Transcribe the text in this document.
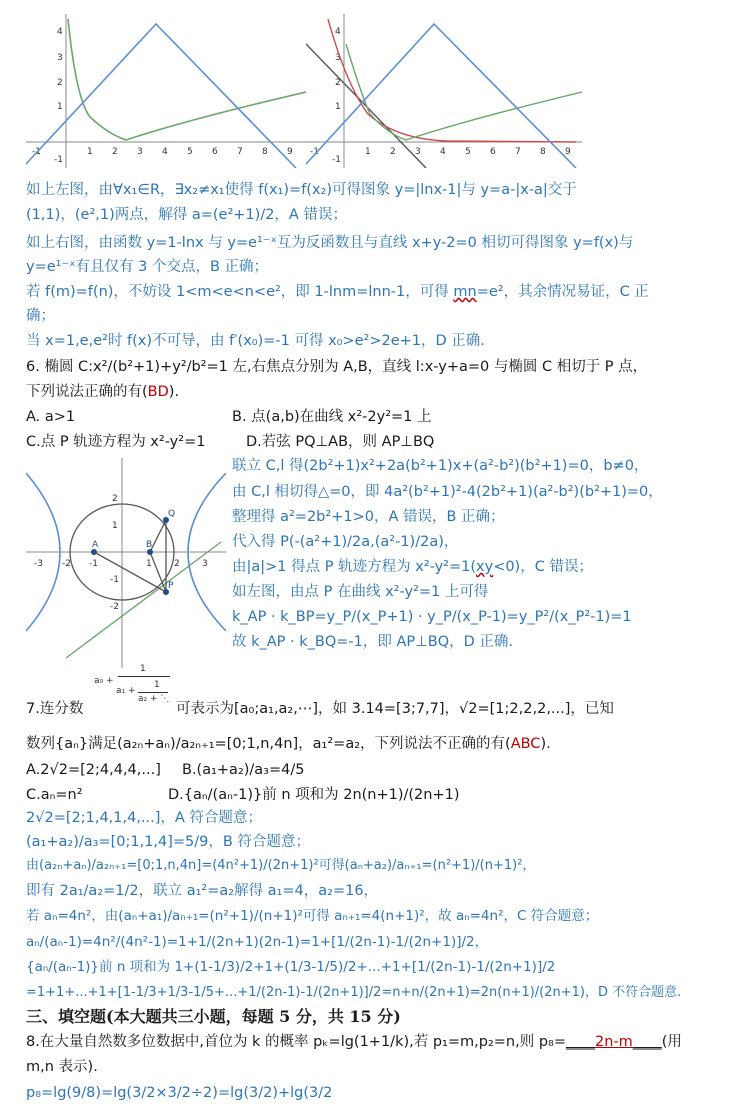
-1	1 2 3 4 5 6 7 8 9
4
3
2
1
-1
-1	1 2 3 4 5 6 7 8 9
4
3
2
1
-1
如上左图，由∀x₁∈R，∃x₂≠x₁使得 f(x₁)=f(x₂)可得图象 y=|lnx-1|与 y=a-|x-a|交于
(1,1)，(e²,1)两点，解得 a=(e²+1)/2，A 错误；
如上右图，由函数 y=1-lnx 与 y=e¹⁻ˣ互为反函数且与直线 x+y-2=0 相切可得图象 y=f(x)与
y=e¹⁻ˣ有且仅有 3 个交点，B 正确；
若 f(m)=f(n)，不妨设 1<m<e<n<e²，即 1-lnm=lnn-1，可得 mn=e²，其余情况易证，C 正
确；
当 x=1,e,e²时 f(x)不可导，由 f′(x₀)=-1 可得 x₀>e²>2e+1，D 正确.
6. 椭圆 C:x²/(b²+1)+y²/b²=1 左,右焦点分别为 A,B，直线 l:x-y+a=0 与椭圆 C 相切于 P 点，
下列说法正确的有(BD).
A. a>1	B. 点(a,b)在曲线 x²-2y²=1 上
C.点 P 轨迹方程为 x²-y²=1	D.若弦 PQ⊥AB，则 AP⊥BQ
-3 -2 -1	1 2 3
2
1
-1
-2
A	B
Q
P
联立 C,l 得(2b²+1)x²+2a(b²+1)x+(a²-b²)(b²+1)=0，b≠0，
由 C,l 相切得△=0，即 4a²(b²+1)²-4(2b²+1)(a²-b²)(b²+1)=0，
整理得 a²=2b²+1>0，A 错误，B 正确；
代入得 P(-(a²+1)/2a,(a²-1)/2a)，
由|a|>1 得点 P 轨迹方程为 x²-y²=1(xy<0)，C 错误；
如左图，由点 P 在曲线 x²-y²=1 上可得
k_AP · k_BP=y_P/(x_P+1) · y_P/(x_P-1)=y_P²/(x_P²-1)=1
故 k_AP · k_BQ=-1，即 AP⊥BQ，D 正确.
a₀ +
1
a₁ +
1
a₂ + ⋱
7.连分数	可表示为[a₀;a₁,a₂,⋯]，如 3.14=[3;7,7]，√2=[1;2,2,2,...]，已知
数列{aₙ}满足(a₂ₙ+aₙ)/a₂ₙ₊₁=[0;1,n,4n]，a₁²=a₂，下列说法不正确的有(ABC).
A.2√2=[2;4,4,4,...] B.(a₁+a₂)/a₃=4/5
C.aₙ=n²	D.{aₙ/(aₙ-1)}前 n 项和为 2n(n+1)/(2n+1)
2√2=[2;1,4,1,4,...]，A 符合题意；
(a₁+a₂)/a₃=[0;1,1,4]=5/9，B 符合题意；
由(a₂ₙ+aₙ)/a₂ₙ₊₁=[0;1,n,4n]=(4n²+1)/(2n+1)²可得(aₙ+a₂)/aₙ₊₁=(n²+1)/(n+1)²，
即有 2a₁/a₂=1/2，联立 a₁²=a₂解得 a₁=4，a₂=16，
若 aₙ=4n²，由(aₙ+a₁)/aₙ₊₁=(n²+1)/(n+1)²可得 aₙ₊₁=4(n+1)²，故 aₙ=4n²，C 符合题意；
aₙ/(aₙ-1)=4n²/(4n²-1)=1+1/(2n+1)(2n-1)=1+[1/(2n-1)-1/(2n+1)]/2，
{aₙ/(aₙ-1)}前 n 项和为 1+(1-1/3)/2+1+(1/3-1/5)/2+...+1+[1/(2n-1)-1/(2n+1)]/2
=1+1+...+1+[1-1/3+1/3-1/5+...+1/(2n-1)-1/(2n+1)]/2=n+n/(2n+1)=2n(n+1)/(2n+1)，D 不符合题意.
三、填空题(本大题共三小题，每题 5 分，共 15 分)
8.在大量自然数多位数据中,首位为 k 的概率 pₖ=lg(1+1/k),若 p₁=m,p₂=n,则 p₈=____2n-m____(用
m,n 表示).
p₈=lg(9/8)=lg(3/2×3/2÷2)=lg(3/2)+lg(3/2
